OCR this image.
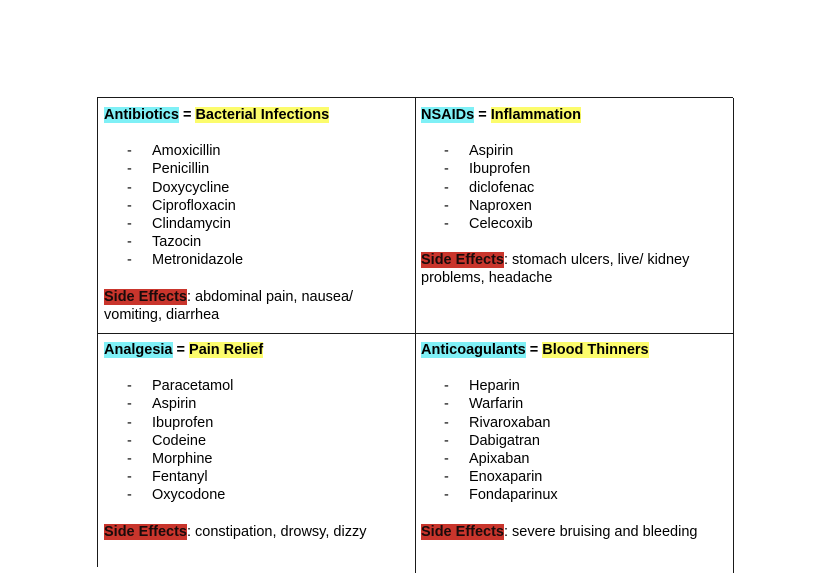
Antibiotics = Bacterial Infections

- Amoxicillin
- Penicillin
- Doxycycline
- Ciprofloxacin
- Clindamycin
- Tazocin
- Metronidazole

Side Effects: abdominal pain, nausea/ vomiting, diarrhea

NSAIDs = Inflammation

- Aspirin
- Ibuprofen
- diclofenac
- Naproxen
- Celecoxib

Side Effects: stomach ulcers, live/ kidney problems, headache

Analgesia = Pain Relief

- Paracetamol
- Aspirin
- Ibuprofen
- Codeine
- Morphine
- Fentanyl
- Oxycodone

Side Effects: constipation, drowsy, dizzy

Anticoagulants = Blood Thinners

- Heparin
- Warfarin
- Rivaroxaban
- Dabigatran
- Apixaban
- Enoxaparin
- Fondaparinux

Side Effects: severe bruising and bleeding
